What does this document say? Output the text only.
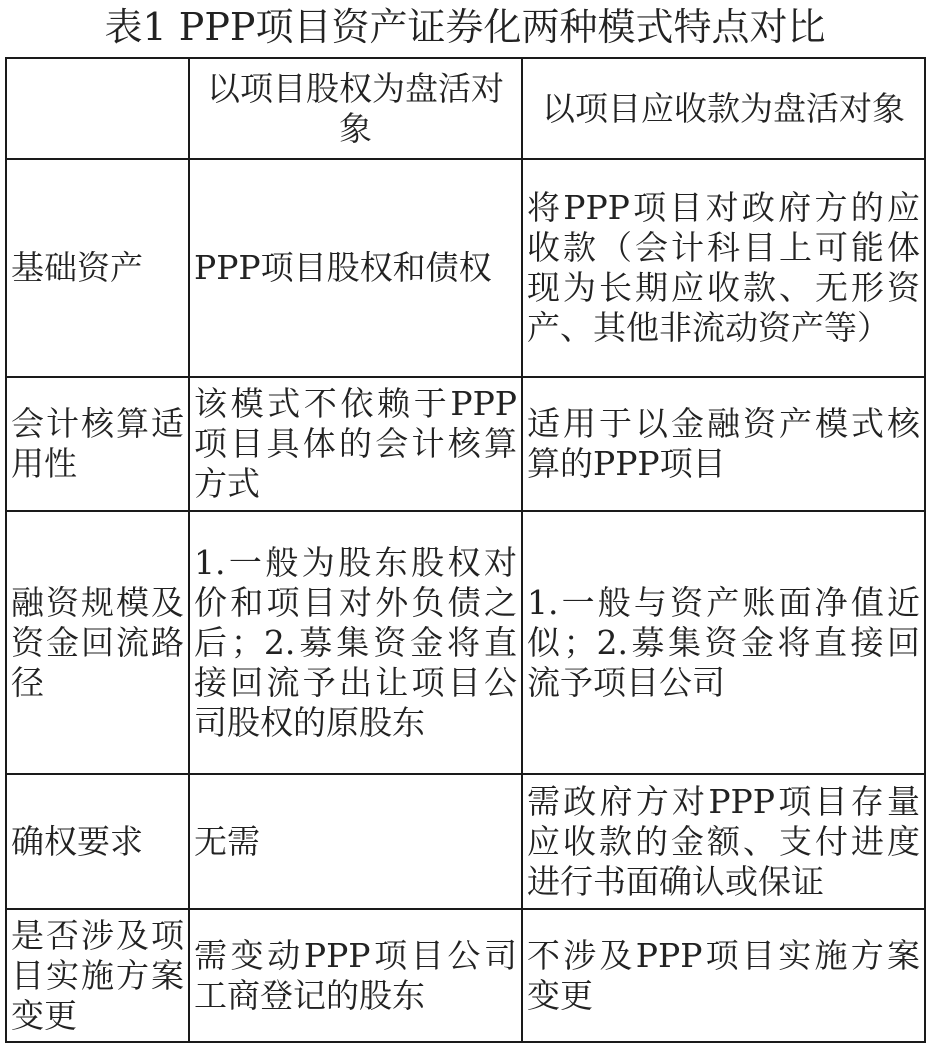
表1 PPP项目资产证券化两种模式特点对比
	以项目股权为盘活对象	以项目应收款为盘活对象
基础资产	PPP项目股权和债权	将PPP项目对政府方的应收款（会计科目上可能体现为长期应收款、无形资产、其他非流动资产等）
会计核算适用性	该模式不依赖于PPP项目具体的会计核算方式	适用于以金融资产模式核算的PPP项目
融资规模及资金回流路径	1.一般为股东股权对价和项目对外负债之后；2.募集资金将直接回流予出让项目公司股权的原股东	1.一般与资产账面净值近似；2.募集资金将直接回流予项目公司
确权要求	无需	需政府方对PPP项目存量应收款的金额、支付进度进行书面确认或保证
是否涉及项目实施方案变更	需变动PPP项目公司工商登记的股东	不涉及PPP项目实施方案变更
